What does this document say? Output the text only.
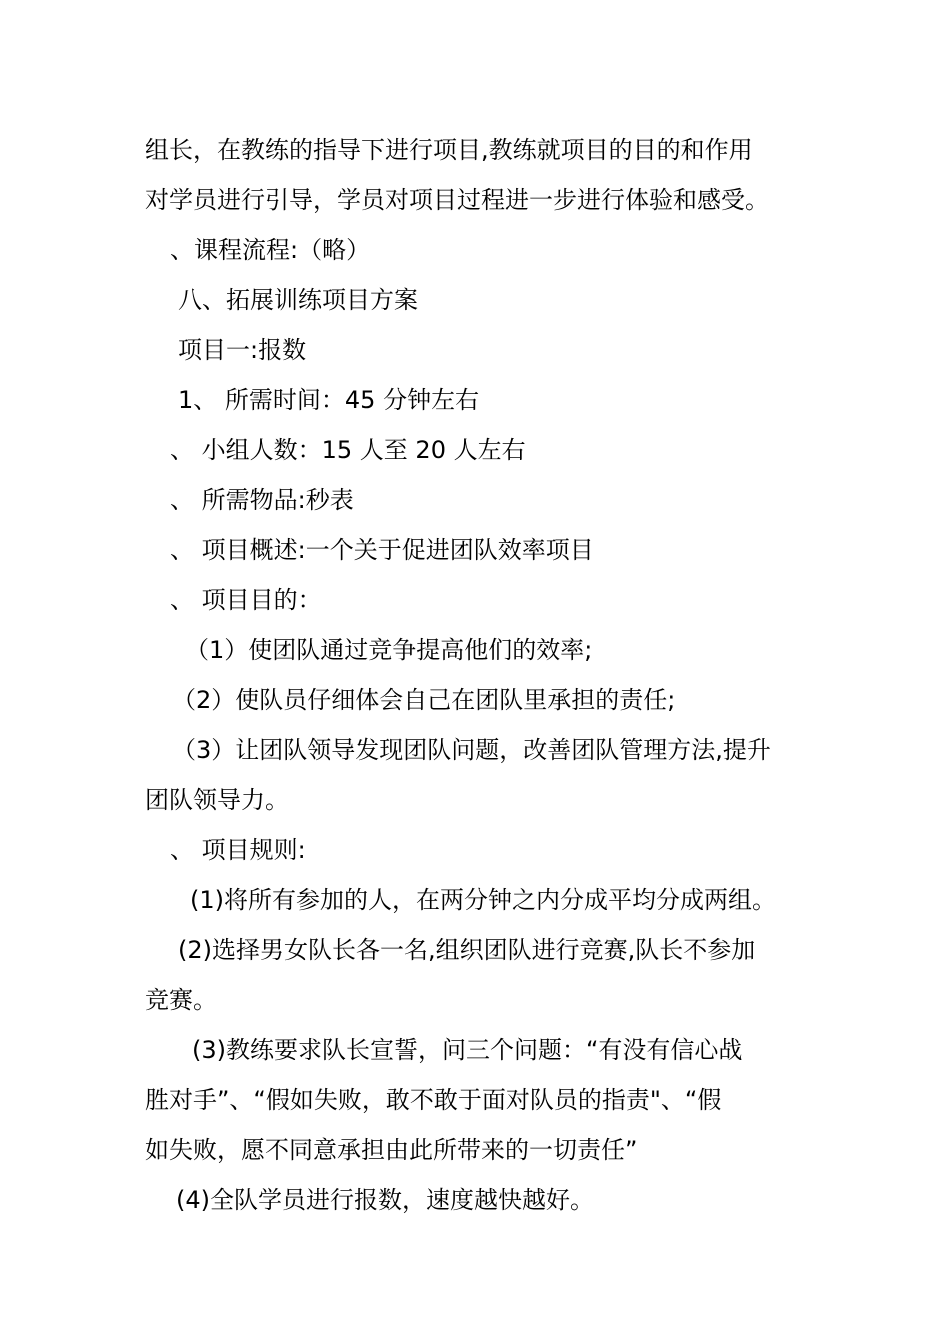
组长，在教练的指导下进行项目,教练就项目的目的和作用
对学员进行引导，学员对项目过程进一步进行体验和感受。
、课程流程:（略）
八、拓展训练项目方案
项目一:报数
1、 所需时间：45 分钟左右
、 小组人数：15 人至 20 人左右
、 所需物品:秒表
、 项目概述:一个关于促进团队效率项目
、 项目目的：
（1）使团队通过竞争提高他们的效率;
（2）使队员仔细体会自己在团队里承担的责任;
（3）让团队领导发现团队问题，改善团队管理方法,提升
团队领导力。
、 项目规则:
(1)将所有参加的人，在两分钟之内分成平均分成两组。
(2)选择男女队长各一名,组织团队进行竞赛,队长不参加
竞赛。
(3)教练要求队长宣誓，问三个问题：“有没有信心战
胜对手”、“假如失败，敢不敢于面对队员的指责"、“假
如失败，愿不同意承担由此所带来的一切责任”
(4)全队学员进行报数，速度越快越好。
